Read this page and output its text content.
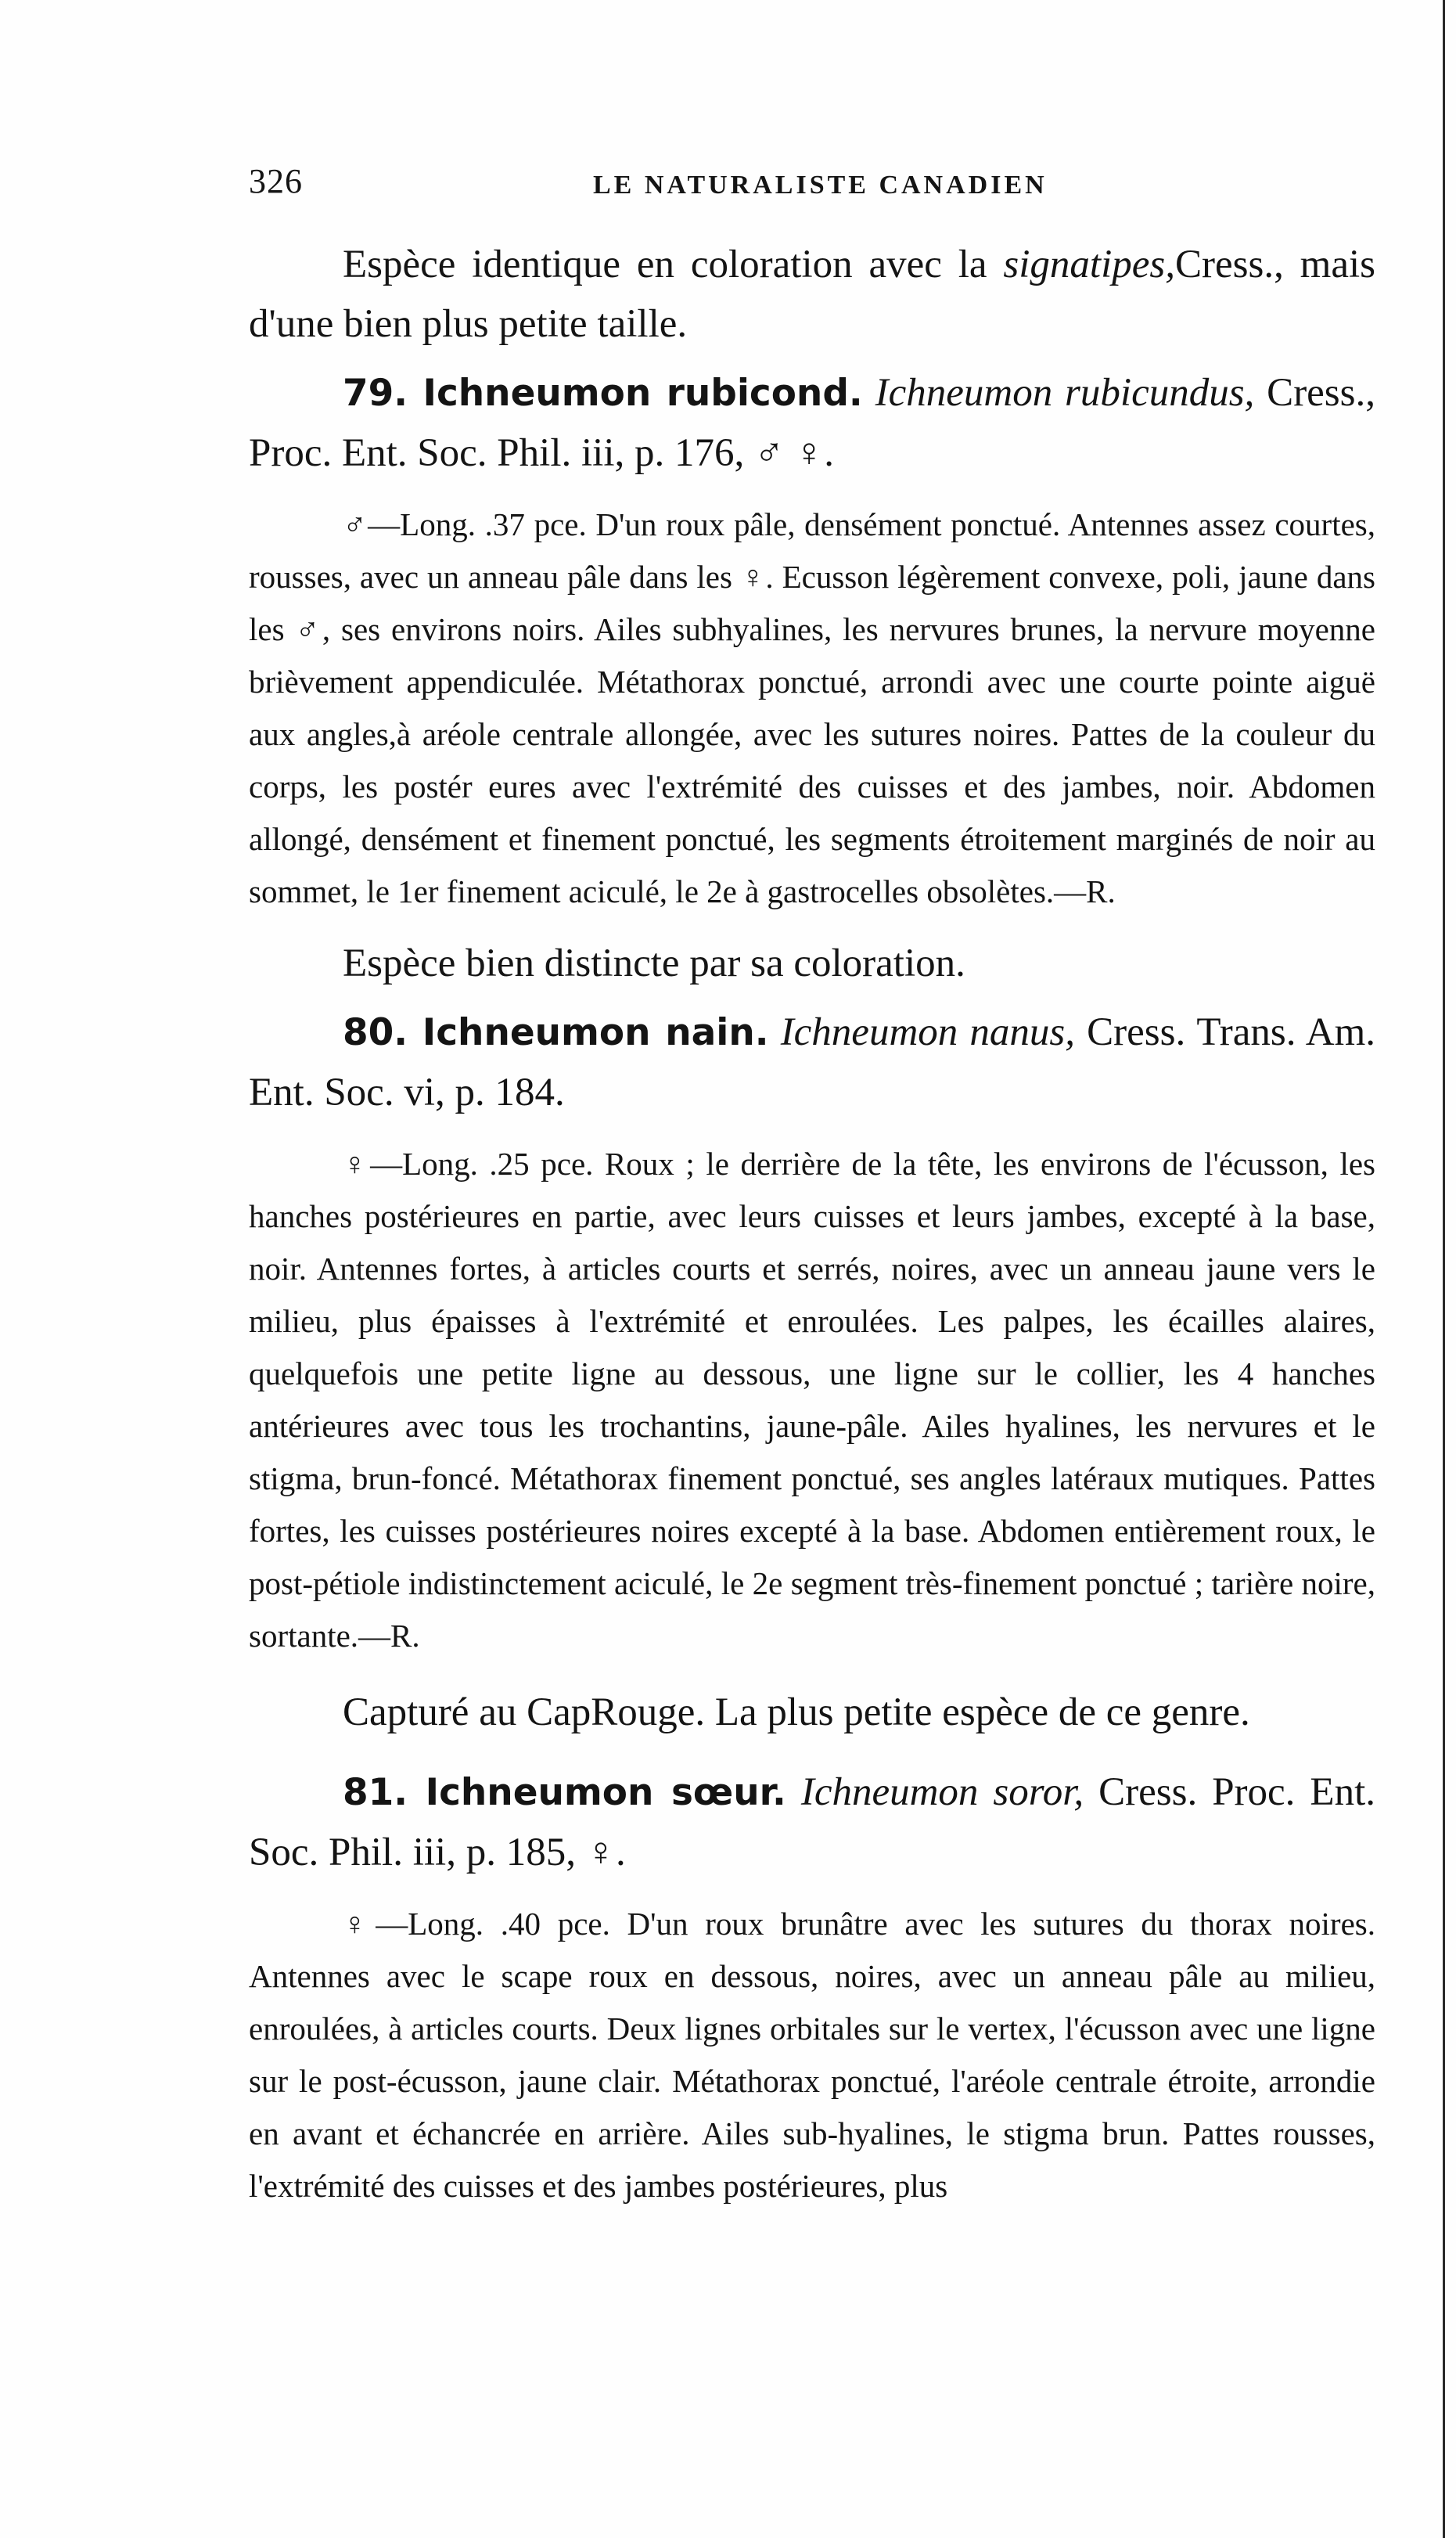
326	LE NATURALISTE CANADIEN

Espèce identique en coloration avec la signatipes,Cress., mais d'une bien plus petite taille.

79. Ichneumon rubicond. Ichneumon rubicundus, Cress., Proc. Ent. Soc. Phil. iii, p. 176, ♂ ♀.

♂—Long. .37 pce. D'un roux pâle, densément ponctué. Antennes assez courtes, rousses, avec un anneau pâle dans les ♀. Ecusson légèrement convexe, poli, jaune dans les ♂, ses environs noirs. Ailes subhyalines, les nervures brunes, la nervure moyenne brièvement appendiculée. Métathorax ponctué, arrondi avec une courte pointe aiguë aux angles,à aréole centrale allongée, avec les sutures noires. Pattes de la couleur du corps, les postér eures avec l'extrémité des cuisses et des jambes, noir. Abdomen allongé, densément et finement ponctué, les segments étroitement marginés de noir au sommet, le 1er finement aciculé, le 2e à gastrocelles obsolètes.—R.

Espèce bien distincte par sa coloration.

80. Ichneumon nain. Ichneumon nanus, Cress. Trans. Am. Ent. Soc. vi, p. 184.

♀—Long. .25 pce. Roux ; le derrière de la tête, les environs de l'écusson, les hanches postérieures en partie, avec leurs cuisses et leurs jambes, excepté à la base, noir. Antennes fortes, à articles courts et serrés, noires, avec un anneau jaune vers le milieu, plus épaisses à l'extrémité et enroulées. Les palpes, les écailles alaires, quelquefois une petite ligne au dessous, une ligne sur le collier, les 4 hanches antérieures avec tous les trochantins, jaune-pâle. Ailes hyalines, les nervures et le stigma, brun-foncé. Métathorax finement ponctué, ses angles latéraux mutiques. Pattes fortes, les cuisses postérieures noires excepté à la base. Abdomen entièrement roux, le post-pétiole indistinctement aciculé, le 2e segment très-finement ponctué ; tarière noire, sortante.—R.

Capturé au CapRouge. La plus petite espèce de ce genre.

81. Ichneumon sœur. Ichneumon soror, Cress. Proc. Ent. Soc. Phil. iii, p. 185, ♀.

♀—Long. .40 pce. D'un roux brunâtre avec les sutures du thorax noires. Antennes avec le scape roux en dessous, noires, avec un anneau pâle au milieu, enroulées, à articles courts. Deux lignes orbitales sur le vertex, l'écusson avec une ligne sur le post-écusson, jaune clair. Métathorax ponctué, l'aréole centrale étroite, arrondie en avant et échancrée en arrière. Ailes sub-hyalines, le stigma brun. Pattes rousses, l'extrémité des cuisses et des jambes postérieures, plus
